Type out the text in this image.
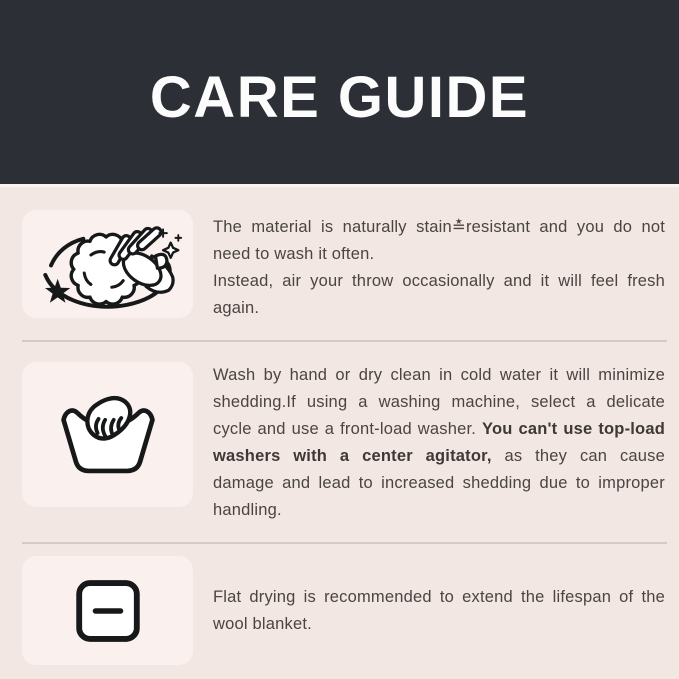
CARE GUIDE
The material is naturally stain≛resistant and you do not need to wash it often.
Instead, air your throw occasionally and it will feel fresh again.
Wash by hand or dry clean in cold water it will minimize shedding.If using a washing machine, select a delicate cycle and use a front-load washer. You can't use top-load washers with a center agitator, as they can cause damage and lead to increased shedding due to improper handling.
Flat drying is recommended to extend the lifespan of the wool blanket.
